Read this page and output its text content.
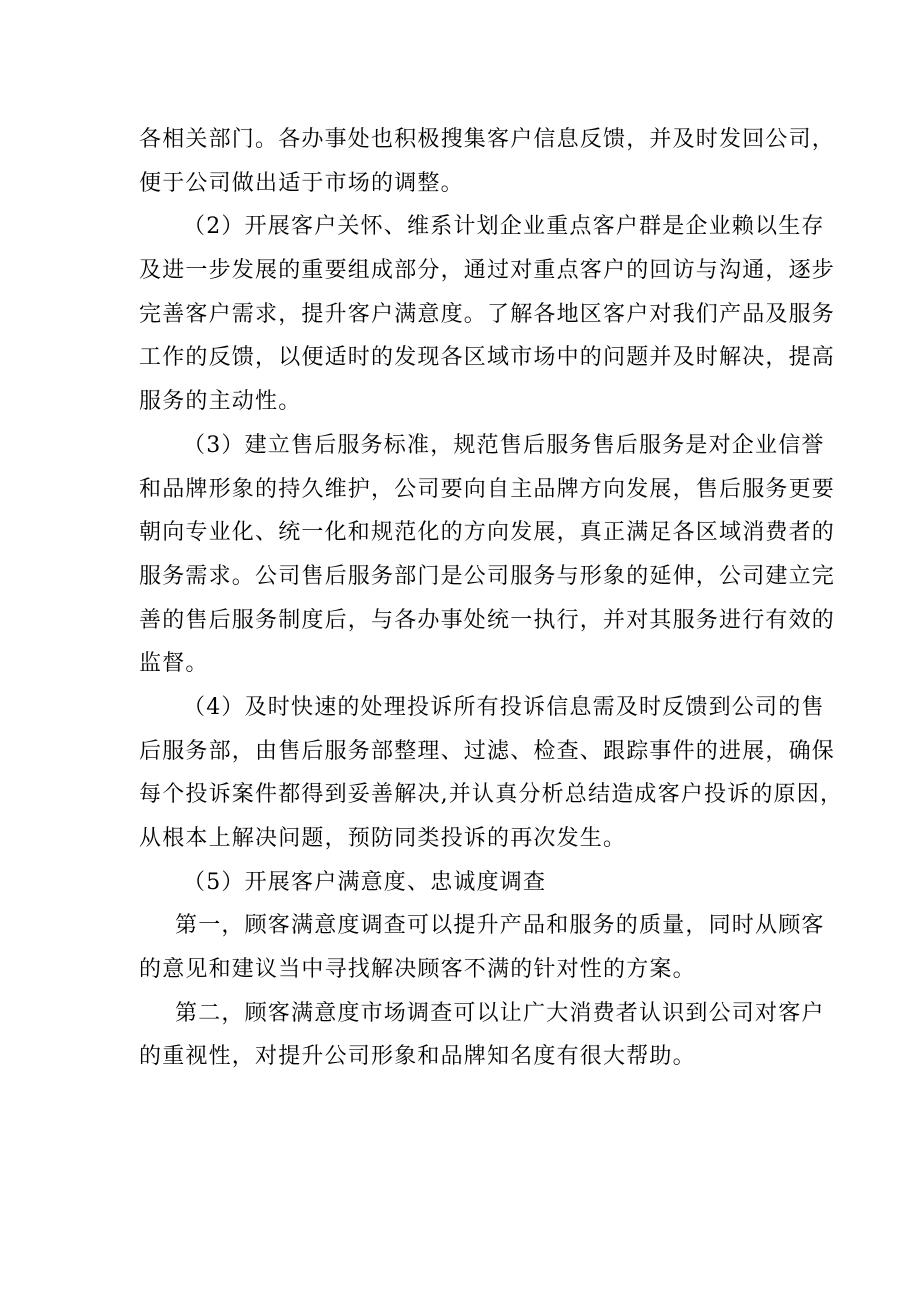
各相关部门。各办事处也积极搜集客户信息反馈，并及时发回公司，
便于公司做出适于市场的调整。
（2）开展客户关怀、维系计划企业重点客户群是企业赖以生存
及进一步发展的重要组成部分，通过对重点客户的回访与沟通，逐步
完善客户需求，提升客户满意度。了解各地区客户对我们产品及服务
工作的反馈，以便适时的发现各区域市场中的问题并及时解决，提高
服务的主动性。
（3）建立售后服务标准，规范售后服务售后服务是对企业信誉
和品牌形象的持久维护，公司要向自主品牌方向发展，售后服务更要
朝向专业化、统一化和规范化的方向发展，真正满足各区域消费者的
服务需求。公司售后服务部门是公司服务与形象的延伸，公司建立完
善的售后服务制度后，与各办事处统一执行，并对其服务进行有效的
监督。
（4）及时快速的处理投诉所有投诉信息需及时反馈到公司的售
后服务部，由售后服务部整理、过滤、检查、跟踪事件的进展，确保
每个投诉案件都得到妥善解决,并认真分析总结造成客户投诉的原因，
从根本上解决问题，预防同类投诉的再次发生。
（5）开展客户满意度、忠诚度调查
第一，顾客满意度调查可以提升产品和服务的质量，同时从顾客
的意见和建议当中寻找解决顾客不满的针对性的方案。
第二，顾客满意度市场调查可以让广大消费者认识到公司对客户
的重视性，对提升公司形象和品牌知名度有很大帮助。
